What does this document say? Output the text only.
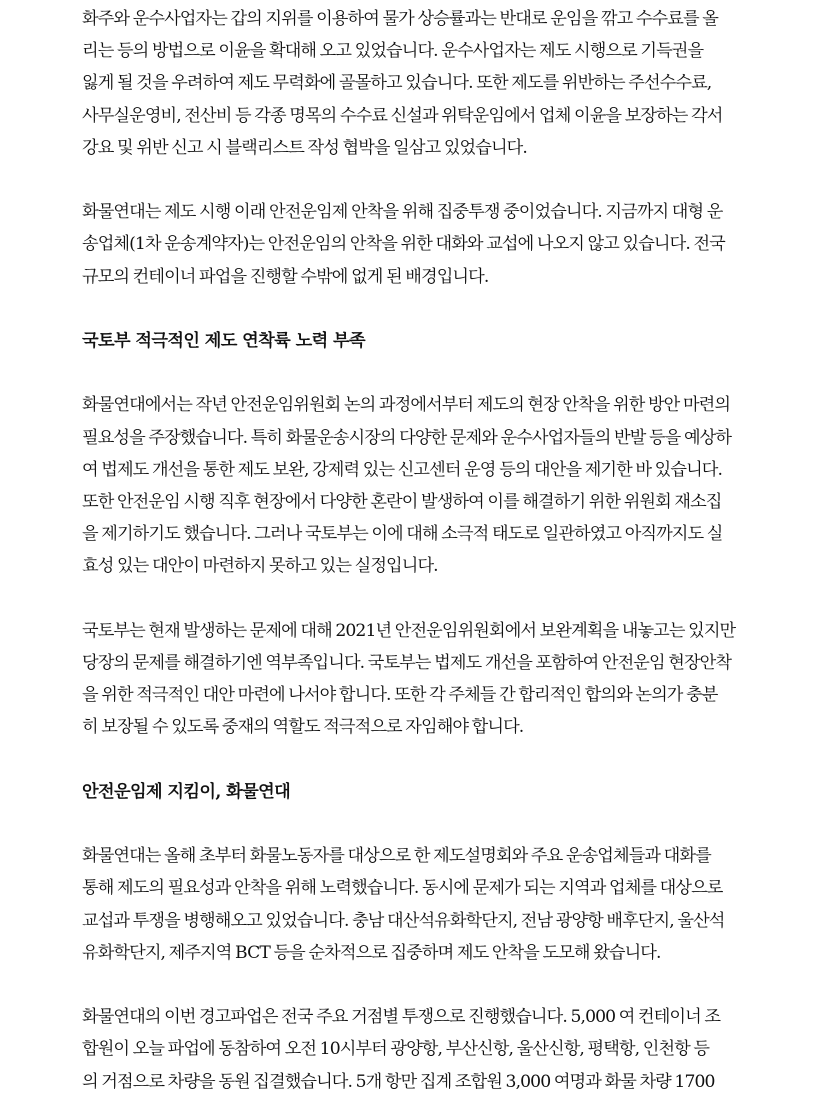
화주와 운수사업자는 갑의 지위를 이용하여 물가 상승률과는 반대로 운임을 깎고 수수료를 올
리는 등의 방법으로 이윤을 확대해 오고 있었습니다. 운수사업자는 제도 시행으로 기득권을
잃게 될 것을 우려하여 제도 무력화에 골몰하고 있습니다. 또한 제도를 위반하는 주선수수료,
사무실운영비, 전산비 등 각종 명목의 수수료 신설과 위탁운임에서 업체 이윤을 보장하는 각서
강요 및 위반 신고 시 블랙리스트 작성 협박을 일삼고 있었습니다.

화물연대는 제도 시행 이래 안전운임제 안착을 위해 집중투쟁 중이었습니다. 지금까지 대형 운
송업체(1차 운송계약자)는 안전운임의 안착을 위한 대화와 교섭에 나오지 않고 있습니다. 전국
규모의 컨테이너 파업을 진행할 수밖에 없게 된 배경입니다.

국토부 적극적인 제도 연착륙 노력 부족

화물연대에서는 작년 안전운임위원회 논의 과정에서부터 제도의 현장 안착을 위한 방안 마련의
필요성을 주장했습니다. 특히 화물운송시장의 다양한 문제와 운수사업자들의 반발 등을 예상하
여 법제도 개선을 통한 제도 보완, 강제력 있는 신고센터 운영 등의 대안을 제기한 바 있습니다.
또한 안전운임 시행 직후 현장에서 다양한 혼란이 발생하여 이를 해결하기 위한 위원회 재소집
을 제기하기도 했습니다. 그러나 국토부는 이에 대해 소극적 태도로 일관하였고 아직까지도 실
효성 있는 대안이 마련하지 못하고 있는 실정입니다.

국토부는 현재 발생하는 문제에 대해 2021년 안전운임위원회에서 보완계획을 내놓고는 있지만
당장의 문제를 해결하기엔 역부족입니다. 국토부는 법제도 개선을 포함하여 안전운임 현장안착
을 위한 적극적인 대안 마련에 나서야 합니다. 또한 각 주체들 간 합리적인 합의와 논의가 충분
히 보장될 수 있도록 중재의 역할도 적극적으로 자임해야 합니다.

안전운임제 지킴이, 화물연대

화물연대는 올해 초부터 화물노동자를 대상으로 한 제도설명회와 주요 운송업체들과 대화를
통해 제도의 필요성과 안착을 위해 노력했습니다. 동시에 문제가 되는 지역과 업체를 대상으로
교섭과 투쟁을 병행해오고 있었습니다. 충남 대산석유화학단지, 전남 광양항 배후단지, 울산석
유화학단지, 제주지역 BCT 등을 순차적으로 집중하며 제도 안착을 도모해 왔습니다.

화물연대의 이번 경고파업은 전국 주요 거점별 투쟁으로 진행했습니다. 5,000 여 컨테이너 조
합원이 오늘 파업에 동참하여 오전 10시부터 광양항, 부산신항, 울산신항, 평택항, 인천항 등
의 거점으로 차량을 동원 집결했습니다. 5개 항만 집계 조합원 3,000 여명과 화물 차량 1700
